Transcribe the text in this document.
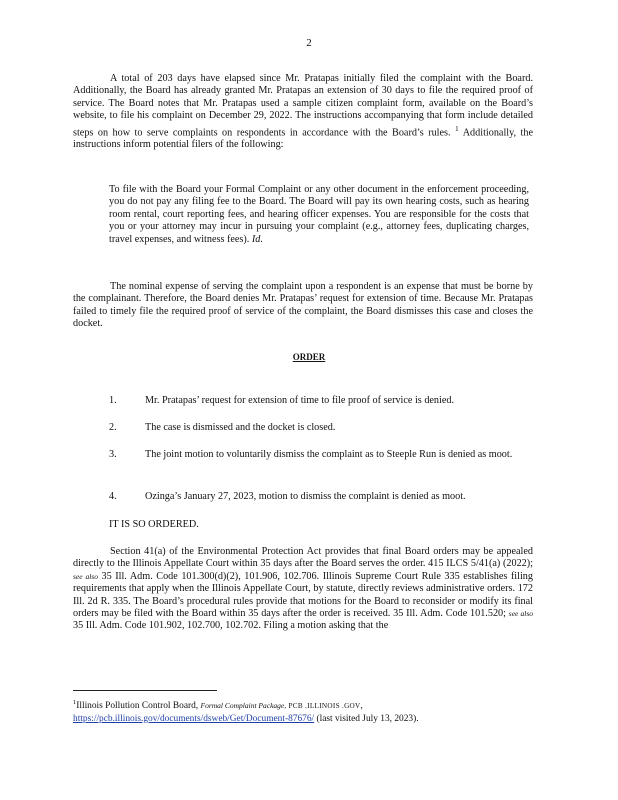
2
A total of 203 days have elapsed since Mr. Pratapas initially filed the complaint with the Board. Additionally, the Board has already granted Mr. Pratapas an extension of 30 days to file the required proof of service. The Board notes that Mr. Pratapas used a sample citizen complaint form, available on the Board’s website, to file his complaint on December 29, 2022. The instructions accompanying that form include detailed steps on how to serve complaints on respondents in accordance with the Board’s rules. $^1$ Additionally, the instructions inform potential filers of the following:
To file with the Board your Formal Complaint or any other document in the enforcement proceeding, you do not pay any filing fee to the Board. The Board will pay its own hearing costs, such as hearing room rental, court reporting fees, and hearing officer expenses. You are responsible for the costs that you or your attorney may incur in pursuing your complaint (e.g., attorney fees, duplicating charges, travel expenses, and witness fees). Id.
The nominal expense of serving the complaint upon a respondent is an expense that must be borne by the complainant. Therefore, the Board denies Mr. Pratapas’ request for extension of time. Because Mr. Pratapas failed to timely file the required proof of service of the complaint, the Board dismisses this case and closes the docket.
ORDER
1.	Mr. Pratapas’ request for extension of time to file proof of service is denied.
2.	The case is dismissed and the docket is closed.
3.	The joint motion to voluntarily dismiss the complaint as to Steeple Run is denied as moot.
4.	Ozinga’s January 27, 2023, motion to dismiss the complaint is denied as moot.
IT IS SO ORDERED.
Section 41(a) of the Environmental Protection Act provides that final Board orders may be appealed directly to the Illinois Appellate Court within 35 days after the Board serves the order. 415 ILCS 5/41(a) (2022); see also 35 Ill. Adm. Code 101.300(d)(2), 101.906, 102.706. Illinois Supreme Court Rule 335 establishes filing requirements that apply when the Illinois Appellate Court, by statute, directly reviews administrative orders. 172 Ill. 2d R. 335. The Board’s procedural rules provide that motions for the Board to reconsider or modify its final orders may be filed with the Board within 35 days after the order is received. 35 Ill. Adm. Code 101.520; see also 35 Ill. Adm. Code 101.902, 102.700, 102.702. Filing a motion asking that the
$^1$Illinois Pollution Control Board, Formal Complaint Package, PCB .ILLINOIS .GOV,
https://pcb.illinois.gov/documents/dsweb/Get/Document-87676/ (last visited July 13, 2023).
